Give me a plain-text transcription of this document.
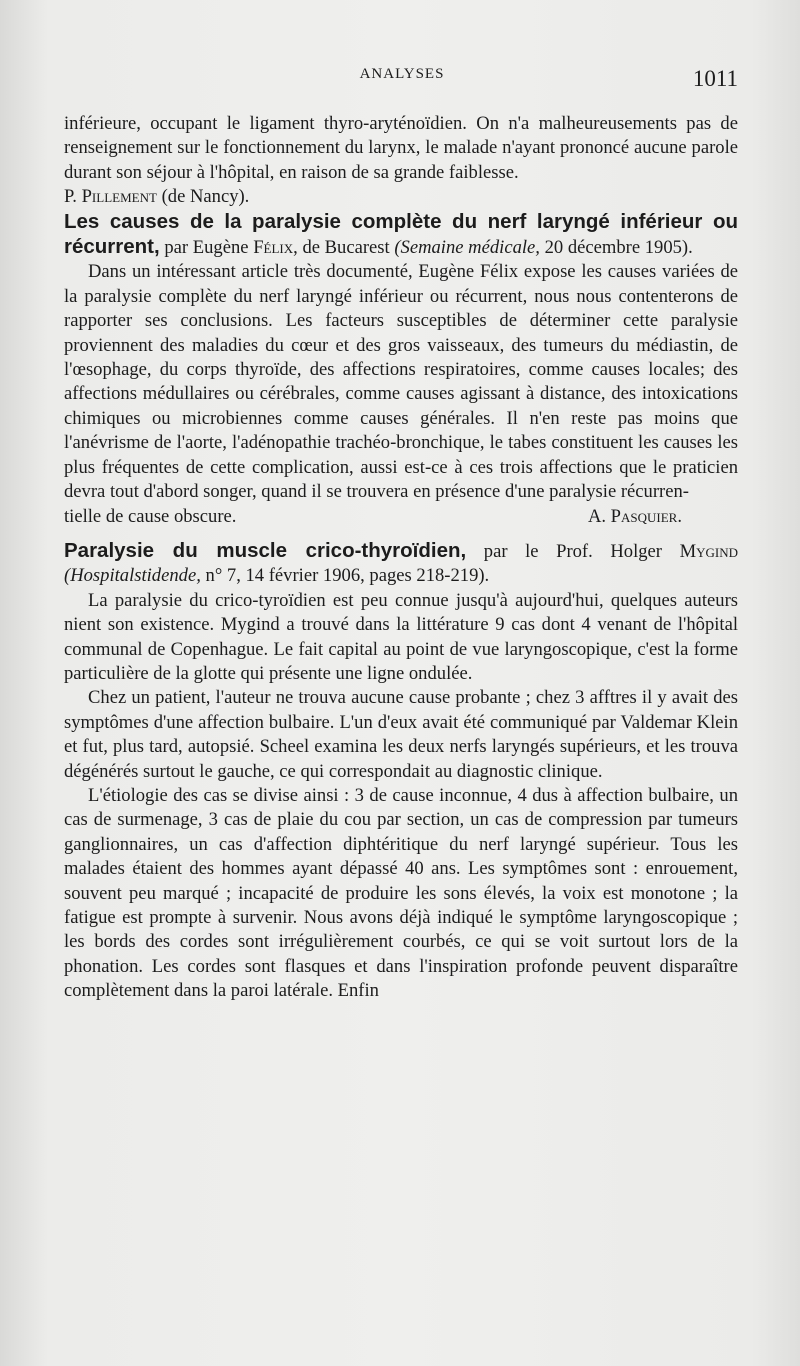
ANALYSES	1011

inférieure, occupant le ligament thyro-aryténoïdien. On n'a malheureusements pas de renseignement sur le fonctionnement du larynx, le malade n'ayant prononcé aucune parole durant son séjour à l'hôpital, en raison de sa grande faiblesse.

P. Pillement (de Nancy).

Les causes de la paralysie complète du nerf laryngé inférieur ou récurrent, par Eugène Félix, de Bucarest (Semaine médicale, 20 décembre 1905).

Dans un intéressant article très documenté, Eugène Félix expose les causes variées de la paralysie complète du nerf laryngé inférieur ou récurrent, nous nous contenterons de rapporter ses conclusions. Les facteurs susceptibles de déterminer cette paralysie proviennent des maladies du cœur et des gros vaisseaux, des tumeurs du médiastin, de l'œsophage, du corps thyroïde, des affections respiratoires, comme causes locales; des affections médullaires ou cérébrales, comme causes agissant à distance, des intoxications chimiques ou microbiennes comme causes générales. Il n'en reste pas moins que l'anévrisme de l'aorte, l'adénopathie trachéo-bronchique, le tabes constituent les causes les plus fréquentes de cette complication, aussi est-ce à ces trois affections que le praticien devra tout d'abord songer, quand il se trouvera en présence d'une paralysie récurren-

tielle de cause obscure.	A. Pasquier.

Paralysie du muscle crico-thyroïdien, par le Prof. Holger Mygind (Hospitalstidende, n° 7, 14 février 1906, pages 218-219).

La paralysie du crico-tyroïdien est peu connue jusqu'à aujourd'hui, quelques auteurs nient son existence. Mygind a trouvé dans la littérature 9 cas dont 4 venant de l'hôpital communal de Copenhague. Le fait capital au point de vue laryngoscopique, c'est la forme particulière de la glotte qui présente une ligne ondulée.

Chez un patient, l'auteur ne trouva aucune cause probante ; chez 3 afftres il y avait des symptômes d'une affection bulbaire. L'un d'eux avait été communiqué par Valdemar Klein et fut, plus tard, autopsié. Scheel examina les deux nerfs laryngés supérieurs, et les trouva dégénérés surtout le gauche, ce qui correspondait au diagnostic clinique.

L'étiologie des cas se divise ainsi : 3 de cause inconnue, 4 dus à affection bulbaire, un cas de surmenage, 3 cas de plaie du cou par section, un cas de compression par tumeurs ganglionnaires, un cas d'affection diphtéritique du nerf laryngé supérieur. Tous les malades étaient des hommes ayant dépassé 40 ans. Les symptômes sont : enrouement, souvent peu marqué ; incapacité de produire les sons élevés, la voix est monotone ; la fatigue est prompte à survenir. Nous avons déjà indiqué le symptôme laryngoscopique ; les bords des cordes sont irrégulièrement courbés, ce qui se voit surtout lors de la phonation. Les cordes sont flasques et dans l'inspiration profonde peuvent disparaître complètement dans la paroi latérale. Enfin
